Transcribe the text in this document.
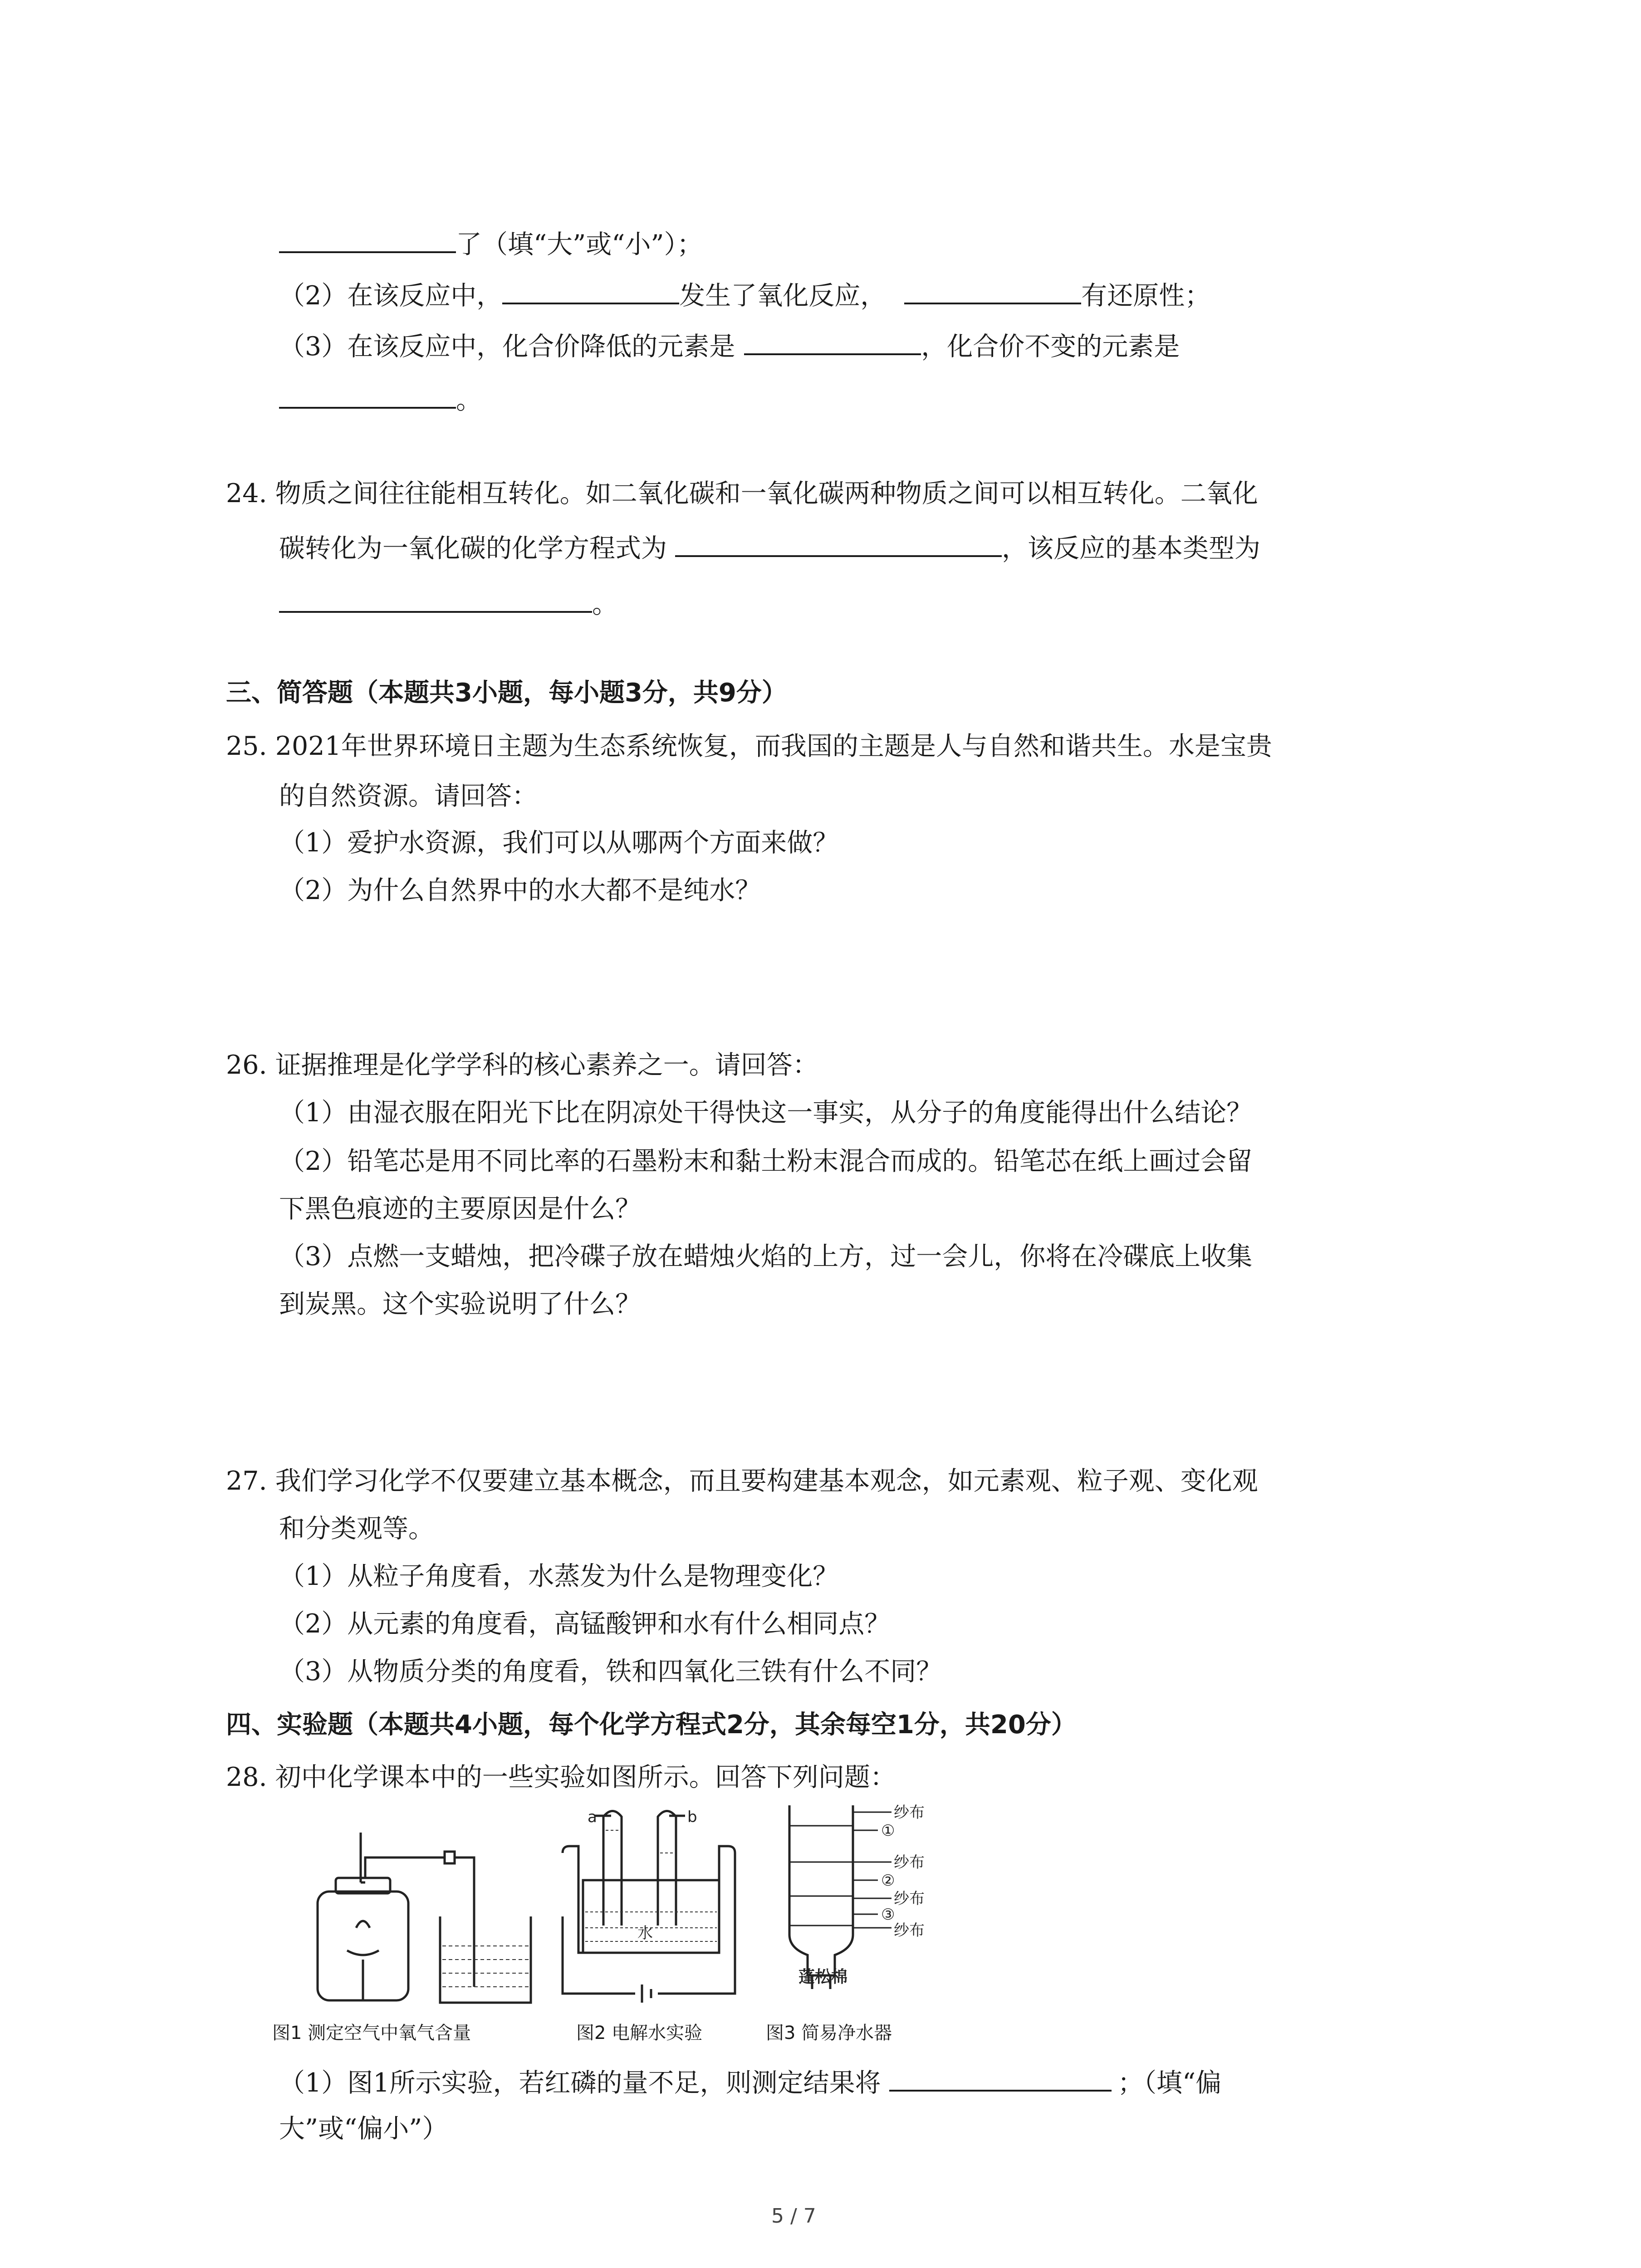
了（填“大”或“小”）；
（2）在该反应中，	发生了氧化反应，	有还原性；
（3）在该反应中，化合价降低的元素是	，化合价不变的元素是
。
24. 物质之间往往能相互转化。如二氧化碳和一氧化碳两种物质之间可以相互转化。二氧化
碳转化为一氧化碳的化学方程式为	，该反应的基本类型为
。
三、简答题（本题共3小题，每小题3分，共9分）
25. 2021年世界环境日主题为生态系统恢复，而我国的主题是人与自然和谐共生。水是宝贵
的自然资源。请回答：
（1）爱护水资源，我们可以从哪两个方面来做？
（2）为什么自然界中的水大都不是纯水？
26. 证据推理是化学学科的核心素养之一。请回答：
（1）由湿衣服在阳光下比在阴凉处干得快这一事实，从分子的角度能得出什么结论？
（2）铅笔芯是用不同比率的石墨粉末和黏土粉末混合而成的。铅笔芯在纸上画过会留
下黑色痕迹的主要原因是什么？
（3）点燃一支蜡烛，把冷碟子放在蜡烛火焰的上方，过一会儿，你将在冷碟底上收集
到炭黑。这个实验说明了什么？
27. 我们学习化学不仅要建立基本概念，而且要构建基本观念，如元素观、粒子观、变化观
和分类观等。
（1）从粒子角度看，水蒸发为什么是物理变化？
（2）从元素的角度看，高锰酸钾和水有什么相同点？
（3）从物质分类的角度看，铁和四氧化三铁有什么不同？
四、实验题（本题共4小题，每个化学方程式2分，其余每空1分，共20分）
28. 初中化学课本中的一些实验如图所示。回答下列问题：
图1 测定空气中氧气含量
a	b
水
图2 电解水实验
纱布
①
纱布
②
纱布
③
纱布
蓬松棉
图3 简易净水器
（1）图1所示实验，若红磷的量不足，则测定结果将	；（填“偏
大”或“偏小”）
5 / 7
